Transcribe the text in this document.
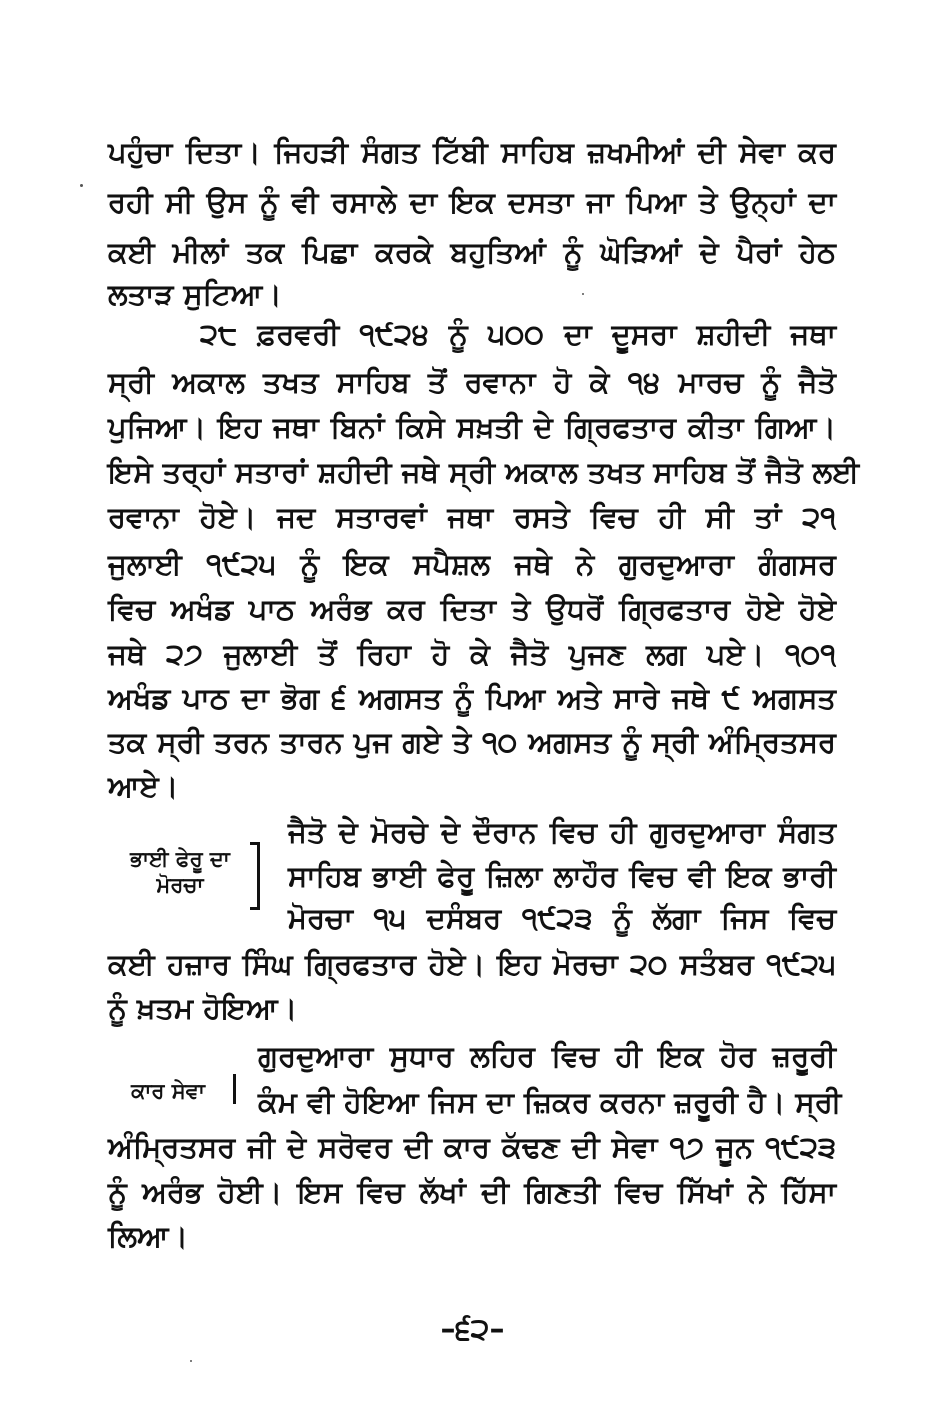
ਪਹੁੰਚਾ ਦਿਤਾ। ਜਿਹੜੀ ਸੰਗਤ ਟਿੱਬੀ ਸਾਹਿਬ ਜ਼ਖਮੀਆਂ ਦੀ ਸੇਵਾ ਕਰ
ਰਹੀ ਸੀ ਉਸ ਨੂੰ ਵੀ ਰਸਾਲੇ ਦਾ ਇਕ ਦਸਤਾ ਜਾ ਪਿਆ ਤੇ ਉਨ੍ਹਾਂ ਦਾ
ਕਈ ਮੀਲਾਂ ਤਕ ਪਿਛਾ ਕਰਕੇ ਬਹੁਤਿਆਂ ਨੂੰ ਘੋੜਿਆਂ ਦੇ ਪੈਰਾਂ ਹੇਠ
ਲਤਾੜ ਸੁਟਿਆ।
੨੮ ਫ਼ਰਵਰੀ ੧੯੨੪ ਨੂੰ ੫੦੦ ਦਾ ਦੂਸਰਾ ਸ਼ਹੀਦੀ ਜਥਾ
ਸ੍ਰੀ ਅਕਾਲ ਤਖਤ ਸਾਹਿਬ ਤੋਂ ਰਵਾਨਾ ਹੋ ਕੇ ੧੪ ਮਾਰਚ ਨੂੰ ਜੈਤੋ
ਪੁਜਿਆ। ਇਹ ਜਥਾ ਬਿਨਾਂ ਕਿਸੇ ਸਖ਼ਤੀ ਦੇ ਗ੍ਰਿਫਤਾਰ ਕੀਤਾ ਗਿਆ।
ਇਸੇ ਤਰ੍ਹਾਂ ਸਤਾਰਾਂ ਸ਼ਹੀਦੀ ਜਥੇ ਸ੍ਰੀ ਅਕਾਲ ਤਖਤ ਸਾਹਿਬ ਤੋਂ ਜੈਤੋ ਲਈ
ਰਵਾਨਾ ਹੋਏ। ਜਦ ਸਤਾਰਵਾਂ ਜਥਾ ਰਸਤੇ ਵਿਚ ਹੀ ਸੀ ਤਾਂ ੨੧
ਜੁਲਾਈ ੧੯੨੫ ਨੂੰ ਇਕ ਸਪੈਸ਼ਲ ਜਥੇ ਨੇ ਗੁਰਦੁਆਰਾ ਗੰਗਸਰ
ਵਿਚ ਅਖੰਡ ਪਾਠ ਅਰੰਭ ਕਰ ਦਿਤਾ ਤੇ ਉਧਰੋਂ ਗ੍ਰਿਫਤਾਰ ਹੋਏ ਹੋਏ
ਜਥੇ ੨੭ ਜੁਲਾਈ ਤੋਂ ਰਿਹਾ ਹੋ ਕੇ ਜੈਤੋ ਪੁਜਣ ਲਗ ਪਏ। ੧੦੧
ਅਖੰਡ ਪਾਠ ਦਾ ਭੋਗ ੬ ਅਗਸਤ ਨੂੰ ਪਿਆ ਅਤੇ ਸਾਰੇ ਜਥੇ ੯ ਅਗਸਤ
ਤਕ ਸ੍ਰੀ ਤਰਨ ਤਾਰਨ ਪੁਜ ਗਏ ਤੇ ੧੦ ਅਗਸਤ ਨੂੰ ਸ੍ਰੀ ਅੰਮ੍ਰਿਤਸਰ
ਆਏ।
ਭਾਈ ਫੇਰੂ ਦਾ
ਮੋਰਚਾ
ਜੈਤੋ ਦੇ ਮੋਰਚੇ ਦੇ ਦੌਰਾਨ ਵਿਚ ਹੀ ਗੁਰਦੁਆਰਾ ਸੰਗਤ
ਸਾਹਿਬ ਭਾਈ ਫੇਰੂ ਜ਼ਿਲਾ ਲਾਹੌਰ ਵਿਚ ਵੀ ਇਕ ਭਾਰੀ
ਮੋਰਚਾ ੧੫ ਦਸੰਬਰ ੧੯੨੩ ਨੂੰ ਲੱਗਾ ਜਿਸ ਵਿਚ
ਕਈ ਹਜ਼ਾਰ ਸਿੰਘ ਗ੍ਰਿਫਤਾਰ ਹੋਏ। ਇਹ ਮੋਰਚਾ ੨੦ ਸਤੰਬਰ ੧੯੨੫
ਨੂੰ ਖ਼ਤਮ ਹੋਇਆ।
ਕਾਰ ਸੇਵਾ
ਗੁਰਦੁਆਰਾ ਸੁਧਾਰ ਲਹਿਰ ਵਿਚ ਹੀ ਇਕ ਹੋਰ ਜ਼ਰੂਰੀ
ਕੰਮ ਵੀ ਹੋਇਆ ਜਿਸ ਦਾ ਜ਼ਿਕਰ ਕਰਨਾ ਜ਼ਰੂਰੀ ਹੈ। ਸ੍ਰੀ
ਅੰਮ੍ਰਿਤਸਰ ਜੀ ਦੇ ਸਰੋਵਰ ਦੀ ਕਾਰ ਕੱਢਣ ਦੀ ਸੇਵਾ ੧੭ ਜੂਨ ੧੯੨੩
ਨੂੰ ਅਰੰਭ ਹੋਈ। ਇਸ ਵਿਚ ਲੱਖਾਂ ਦੀ ਗਿਣਤੀ ਵਿਚ ਸਿੱਖਾਂ ਨੇ ਹਿੱਸਾ
ਲਿਆ।
–੬੨–
